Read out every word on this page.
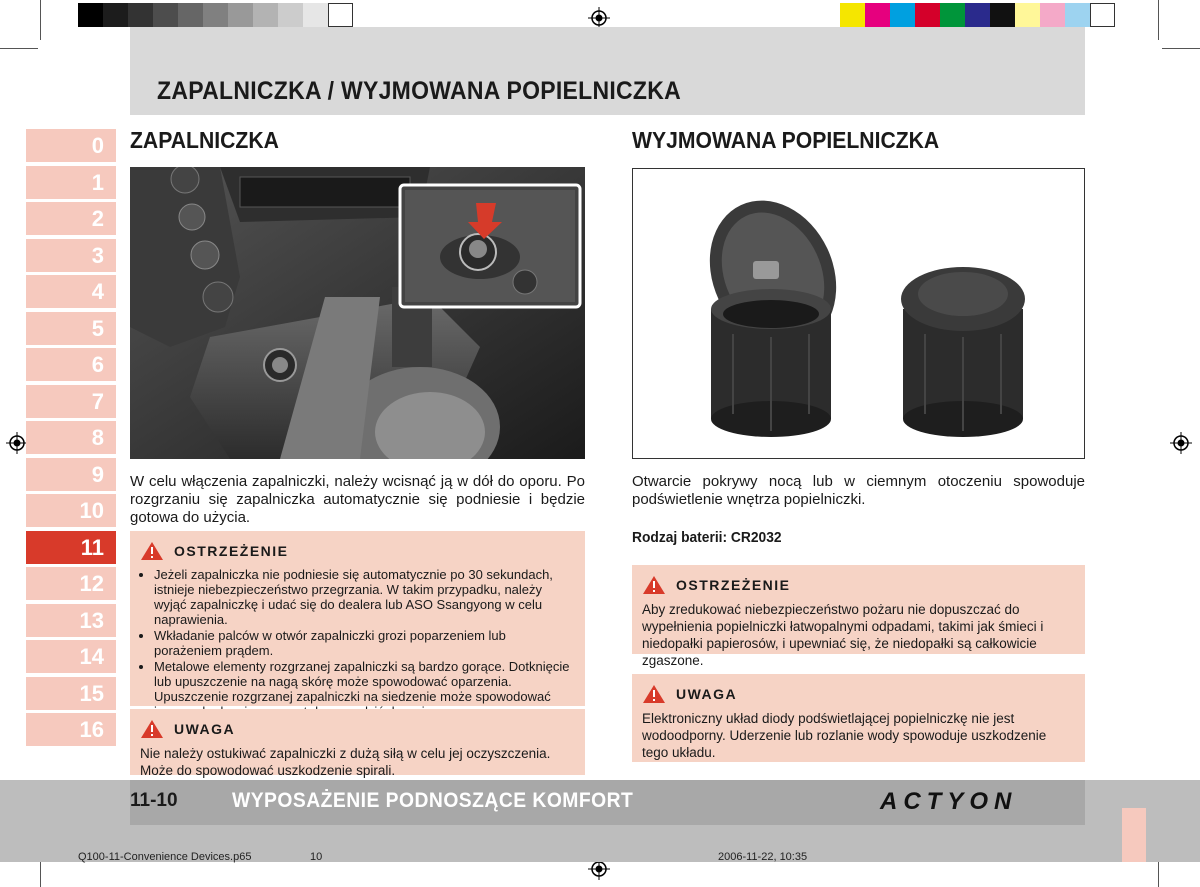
ZAPALNICZKA / WYJMOWANA POPIELNICZKA
0
1
2
3
4
5
6
7
8
9
10
11
12
13
14
15
16
ZAPALNICZKA
W celu włączenia zapalniczki, należy wcisnąć ją w dół do oporu. Po rozgrzaniu się zapalniczka automatycznie się podniesie i będzie gotowa do użycia.
OSTRZEŻENIE
• Jeżeli zapalniczka nie podniesie się automatycznie po 30 sekundach, istnieje niebezpieczeństwo przegrzania. W takim przypadku, należy wyjąć zapalniczkę i udać się do dealera lub ASO Ssangyong w celu naprawienia.
• Wkładanie palców w otwór zapalniczki grozi poparzeniem lub porażeniem prądem.
• Metalowe elementy rozgrzanej zapalniczki są bardzo gorące. Dotknięcie lub upuszczenie na nagą skórę może spowodować oparzenia. Upuszczenie rozgrzanej zapalniczki na siedzenie może spowodować
UWAGA

Nie należy ostukiwać zapalniczki z dużą siłą w celu jej oczyszczenia. Może do spowodować uszkodzenie spirali.

WYJMOWANA POPIELNICZKA
Otwarcie pokrywy nocą lub w ciemnym otoczeniu spowoduje podświetlenie wnętrza popielniczki.
Rodzaj baterii: CR2032
OSTRZEŻENIE

Aby zredukować niebezpieczeństwo pożaru nie dopuszczać do wypełnienia popielniczki łatwopalnymi odpadami, takimi jak śmieci i niedopałki papierosów, i upewniać się, że niedopałki są całkowicie zgaszone.

UWAGA

Elektroniczny układ diody podświetlającej popielniczkę nie jest wodoodporny. Uderzenie lub rozlanie wody spowoduje uszkodzenie tego układu.

11-10	WYPOSAŻENIE PODNOSZĄCE KOMFORT	ACTYON
Q100-11-Convenience Devices.p65	10	2006-11-22, 10:35
